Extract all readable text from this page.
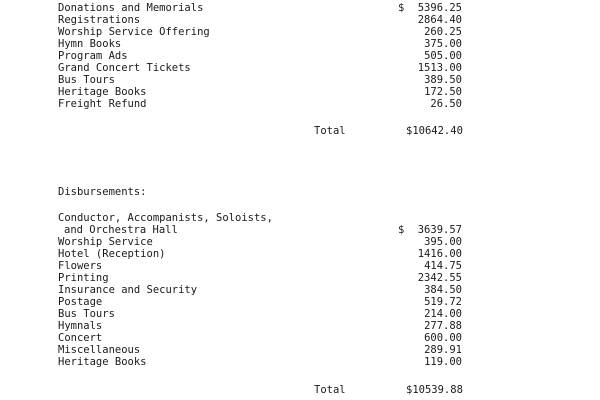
Donations and Memorials	$ 5396.25
Registrations	2864.40
Worship Service Offering	260.25
Hymn Books	375.00
Program Ads	505.00
Grand Concert Tickets	1513.00
Bus Tours	389.50
Heritage Books	172.50
Freight Refund	26.50
Total	$10642.40
Disbursements:
Conductor, Accompanists, Soloists,
and Orchestra Hall	$ 3639.57
Worship Service	395.00
Hotel (Reception)	1416.00
Flowers	414.75
Printing	2342.55
Insurance and Security	384.50
Postage	519.72
Bus Tours	214.00
Hymnals	277.88
Concert	600.00
Miscellaneous	289.91
Heritage Books	119.00
Total	$10539.88
